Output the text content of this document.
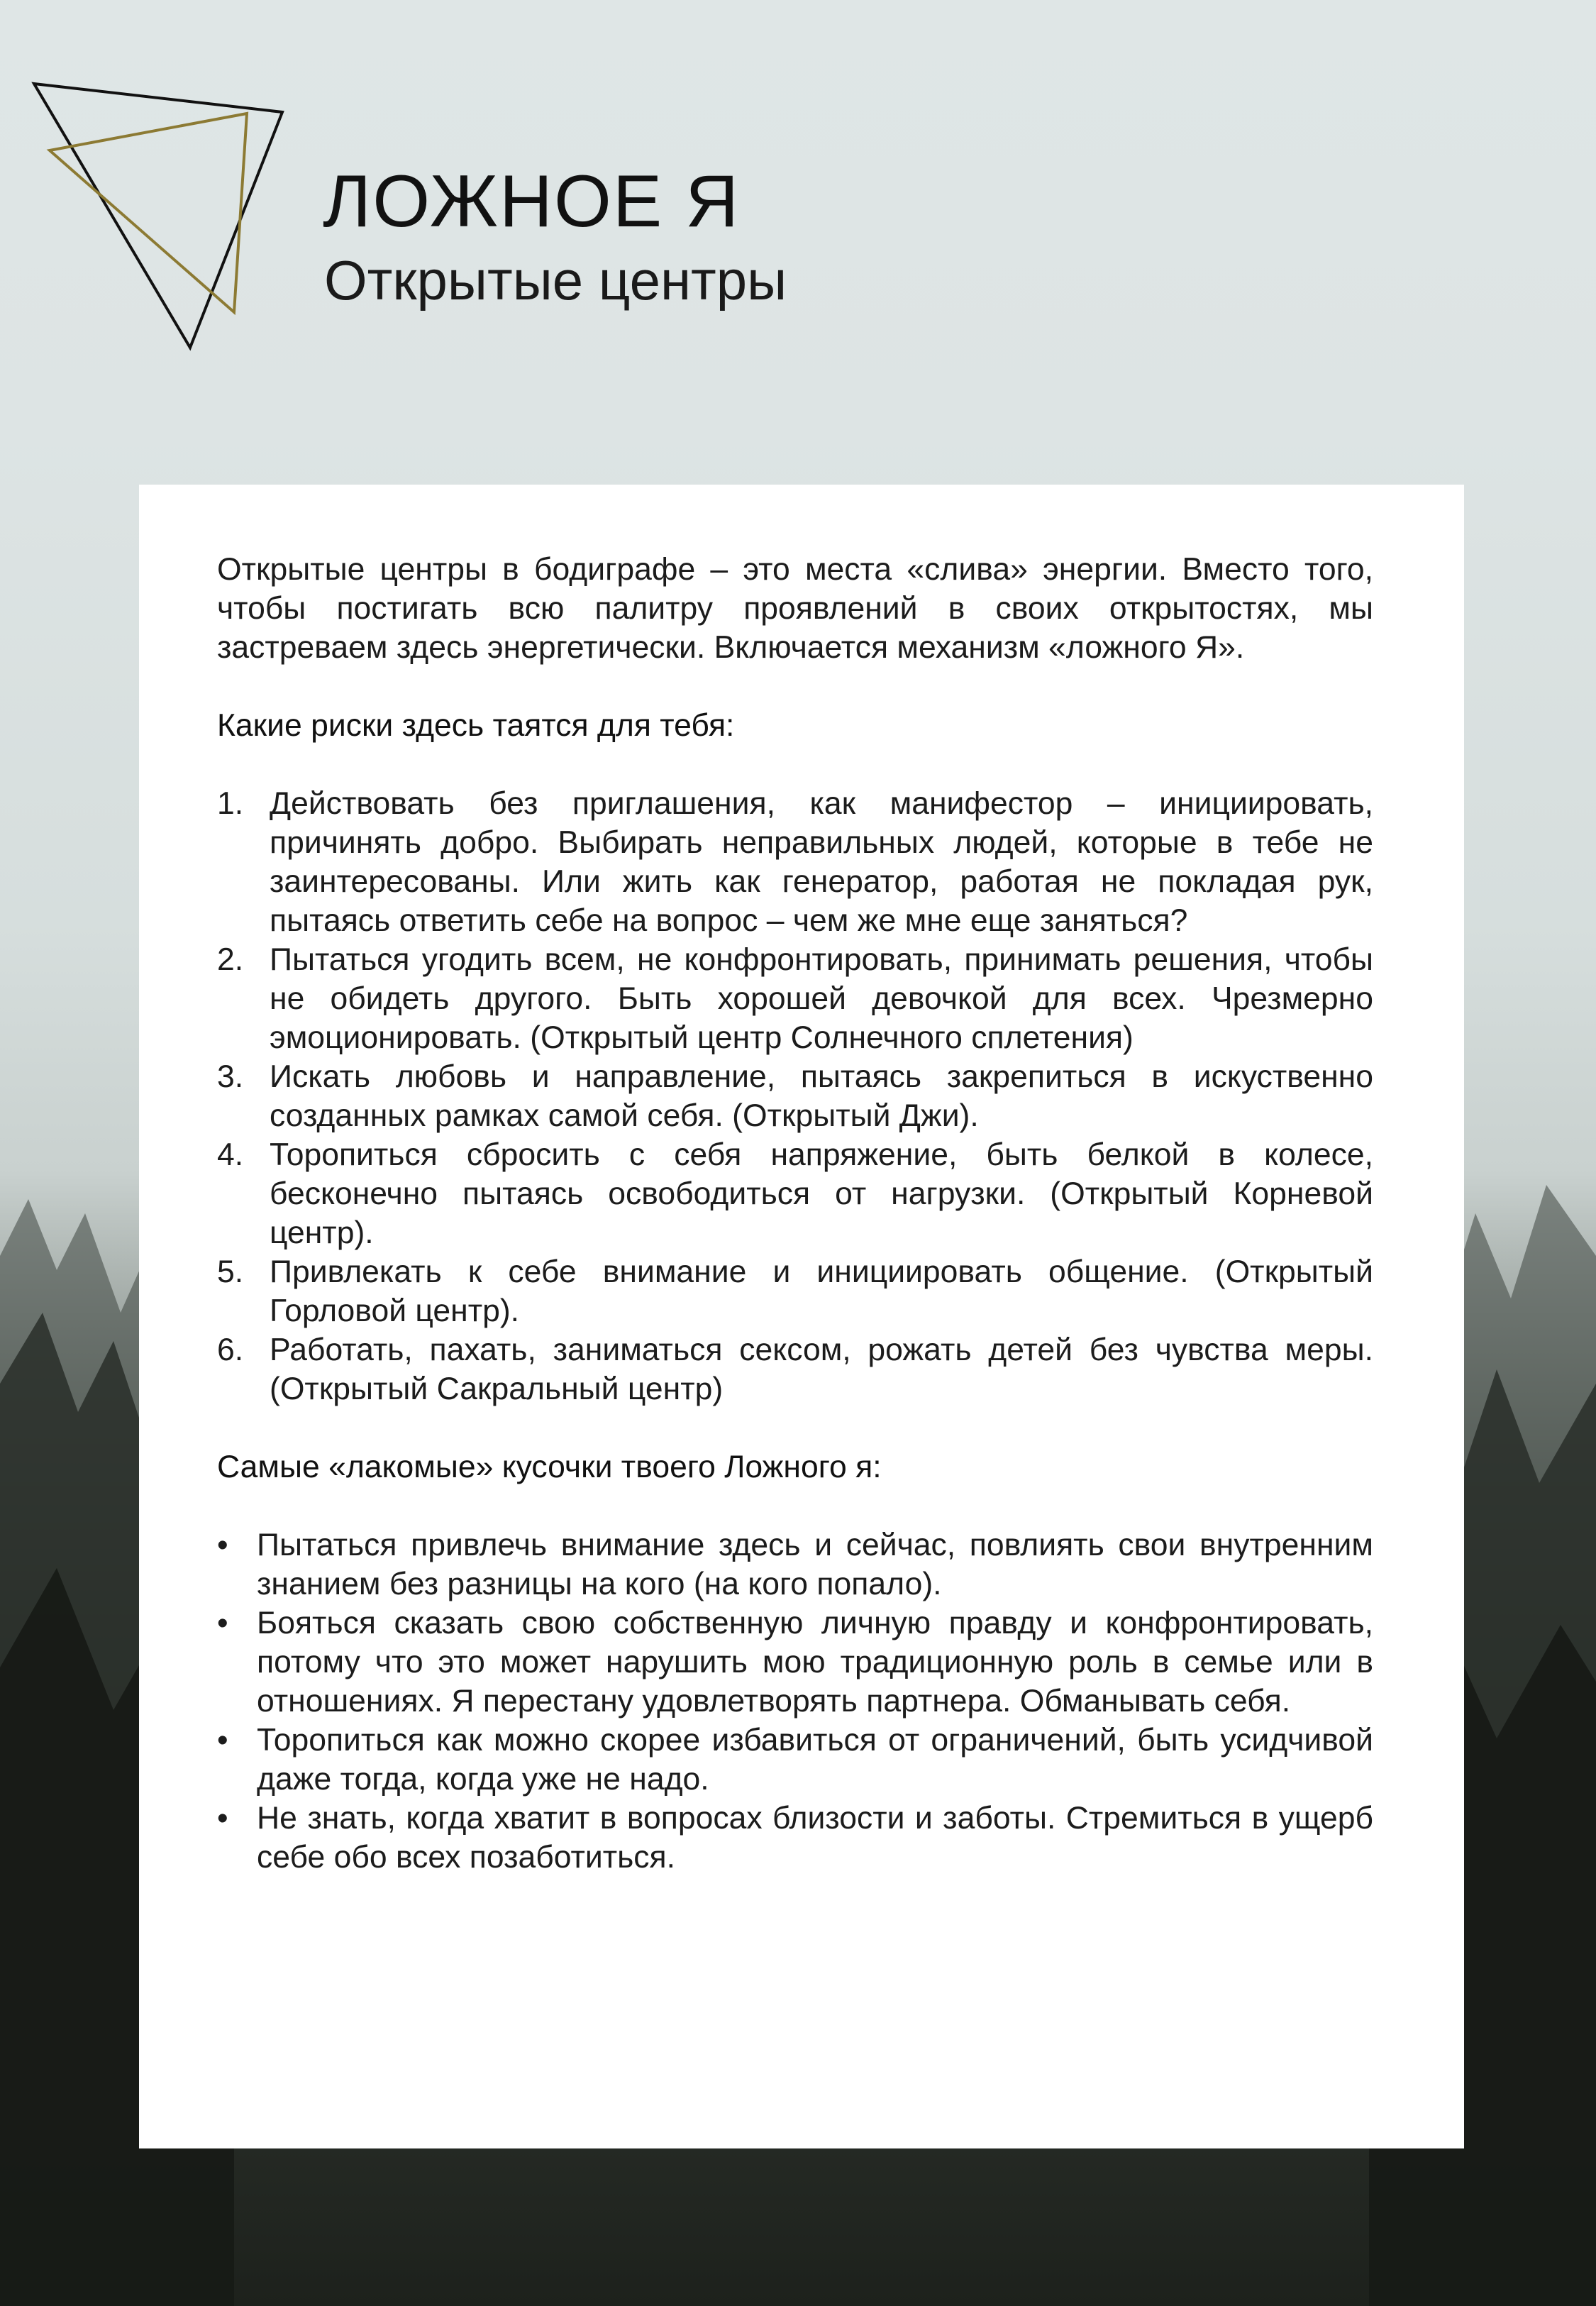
ЛОЖНОЕ Я
Открытые центры

Открытые центры в бодиграфе – это места «слива» энергии. Вместо того, чтобы постигать всю палитру проявлений в своих открытостях, мы застреваем здесь энергетически. Включается механизм «ложного Я».

Какие риски здесь таятся для тебя:
1. Действовать без приглашения, как манифестор – инициировать, причинять добро. Выбирать неправильных людей, которые в тебе не заинтересованы. Или жить как генератор, работая не покладая рук, пытаясь ответить себе на вопрос – чем же мне еще заняться?
2. Пытаться угодить всем, не конфронтировать, принимать решения, чтобы не обидеть другого. Быть хорошей девочкой для всех. Чрезмерно эмоционировать. (Открытый центр Солнечного сплетения)
3. Искать любовь и направление, пытаясь закрепиться в искуственно созданных рамках самой себя. (Открытый Джи).
4. Торопиться сбросить с себя напряжение, быть белкой в колесе, бесконечно пытаясь освободиться от нагрузки. (Открытый Корневой центр).
5. Привлекать к себе внимание и инициировать общение. (Открытый Горловой центр).
6. Работать, пахать, заниматься сексом, рожать детей без чувства меры. (Открытый Сакральный центр)
Самые «лакомые» кусочки твоего Ложного я:
• Пытаться привлечь внимание здесь и сейчас, повлиять свои внутренним знанием без разницы на кого (на кого попало).
• Бояться сказать свою собственную личную правду и конфронтировать, потому что это может нарушить мою традиционную роль в семье или в отношениях. Я перестану удовлетворять партнера. Обманывать себя.
• Торопиться как можно скорее избавиться от ограничений, быть усидчивой даже тогда, когда уже не надо.
• Не знать, когда хватит в вопросах близости и заботы. Стремиться в ущерб себе обо всех позаботиться.
